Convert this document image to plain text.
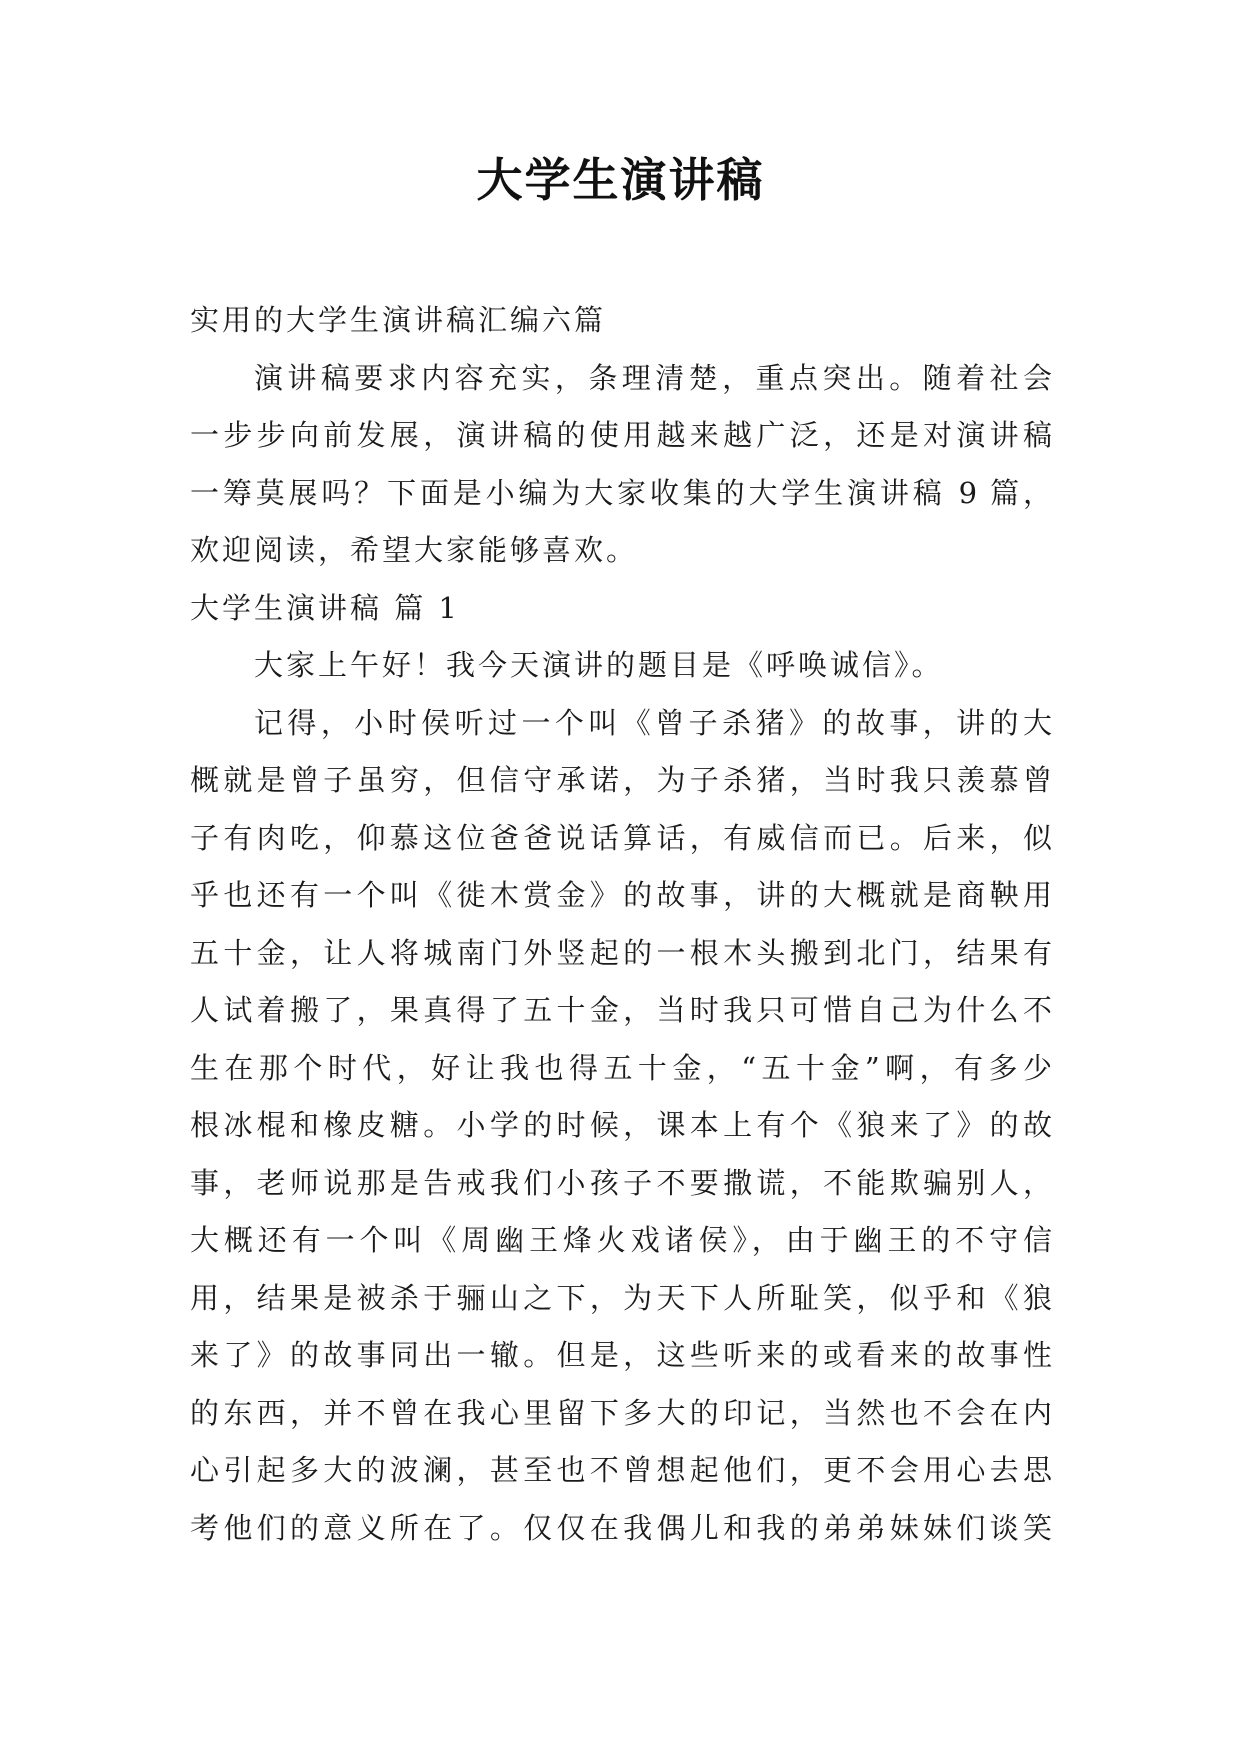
大学生演讲稿
实用的大学生演讲稿汇编六篇
演讲稿要求内容充实，条理清楚，重点突出。随着社会
一步步向前发展，演讲稿的使用越来越广泛，还是对演讲稿
一筹莫展吗？下面是小编为大家收集的大学生演讲稿 9 篇，
欢迎阅读，希望大家能够喜欢。
大学生演讲稿 篇 1
大家上午好！我今天演讲的题目是《呼唤诚信》。
记得，小时侯听过一个叫《曾子杀猪》的故事，讲的大
概就是曾子虽穷，但信守承诺，为子杀猪，当时我只羡慕曾
子有肉吃，仰慕这位爸爸说话算话，有威信而已。后来，似
乎也还有一个叫《徙木赏金》的故事，讲的大概就是商鞅用
五十金，让人将城南门外竖起的一根木头搬到北门，结果有
人试着搬了，果真得了五十金，当时我只可惜自己为什么不
生在那个时代，好让我也得五十金，“五十金”啊，有多少
根冰棍和橡皮糖。小学的时候，课本上有个《狼来了》的故
事，老师说那是告戒我们小孩子不要撒谎，不能欺骗别人，
大概还有一个叫《周幽王烽火戏诸侯》，由于幽王的不守信
用，结果是被杀于骊山之下，为天下人所耻笑，似乎和《狼
来了》的故事同出一辙。但是，这些听来的或看来的故事性
的东西，并不曾在我心里留下多大的印记，当然也不会在内
心引起多大的波澜，甚至也不曾想起他们，更不会用心去思
考他们的意义所在了。仅仅在我偶儿和我的弟弟妹妹们谈笑
